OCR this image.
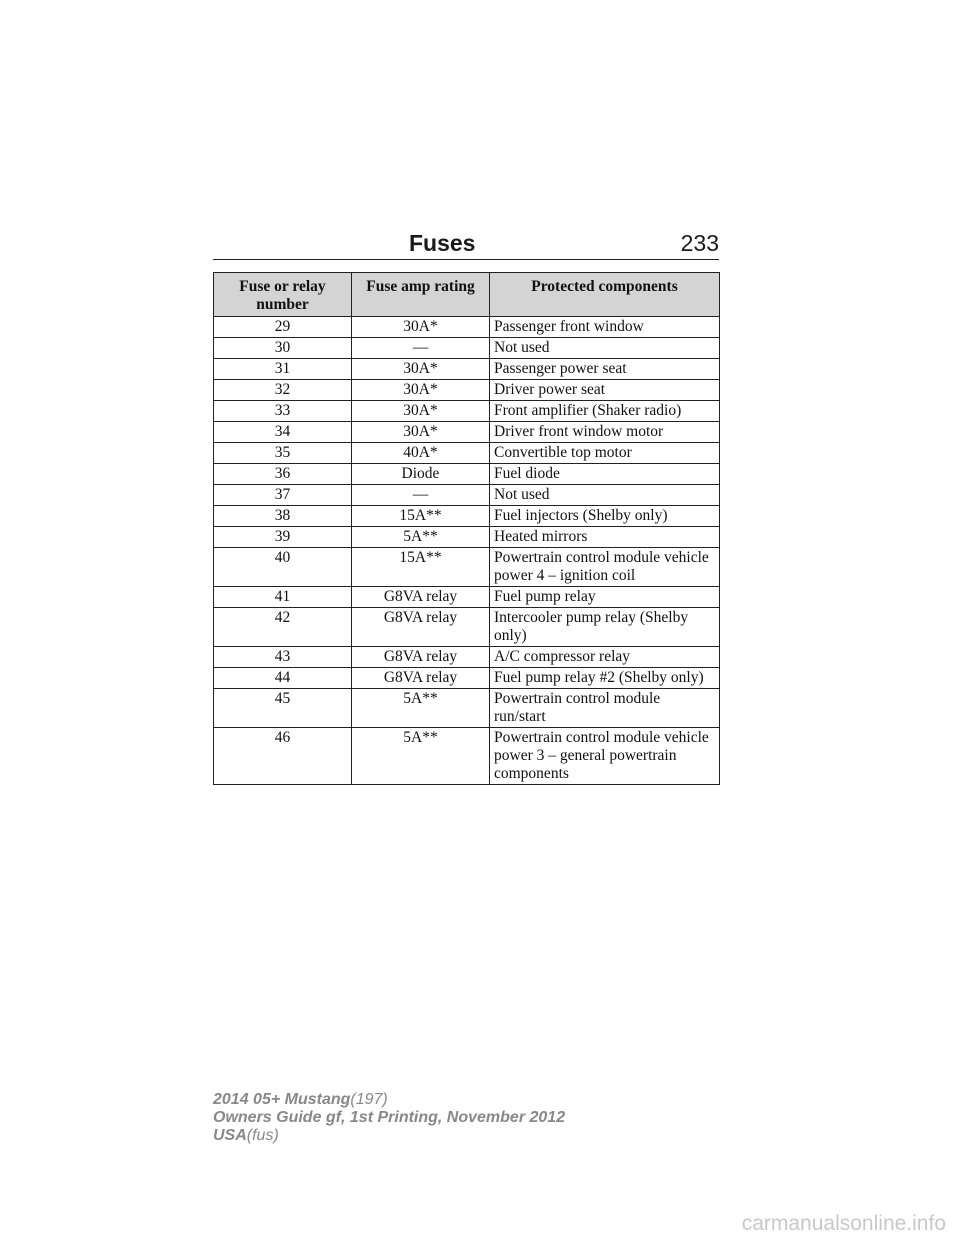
Fuses	233
Fuse or relay number	Fuse amp rating	Protected components
29	30A*	Passenger front window
30	—	Not used
31	30A*	Passenger power seat
32	30A*	Driver power seat
33	30A*	Front amplifier (Shaker radio)
34	30A*	Driver front window motor
35	40A*	Convertible top motor
36	Diode	Fuel diode
37	—	Not used
38	15A**	Fuel injectors (Shelby only)
39	5A**	Heated mirrors
40	15A**	Powertrain control module vehicle power 4 – ignition coil
41	G8VA relay	Fuel pump relay
42	G8VA relay	Intercooler pump relay (Shelby only)
43	G8VA relay	A/C compressor relay
44	G8VA relay	Fuel pump relay #2 (Shelby only)
45	5A**	Powertrain control module run/start
46	5A**	Powertrain control module vehicle power 3 – general powertrain components
2014 05+ Mustang(197)
Owners Guide gf, 1st Printing, November 2012
USA(fus)
carmanualsonline.info
